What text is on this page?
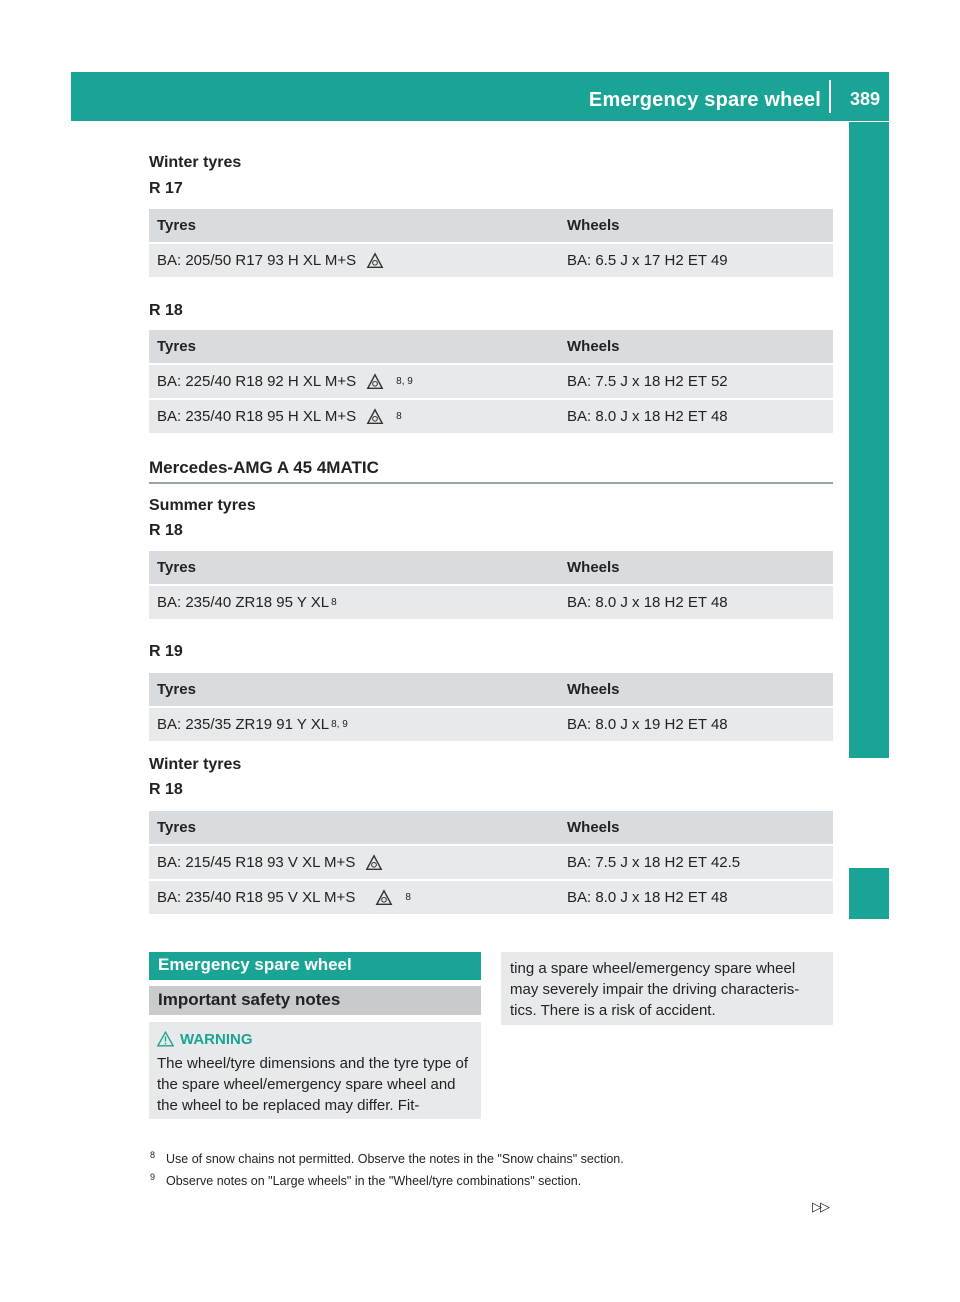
Emergency spare wheel 389
Wheels and tyres
Winter tyres
R 17
Tyres	Wheels

BA: 205/50 R17 93 H XL M+S	BA: 6.5 J x 17 H2 ET 49
R 18
Tyres	Wheels

BA: 225/40 R18 92 H XL M+S 8, 9	BA: 7.5 J x 18 H2 ET 52

BA: 235/40 R18 95 H XL M+S 8	BA: 8.0 J x 18 H2 ET 48
Mercedes-AMG A 45 4MATIC
Summer tyres
R 18
Tyres	Wheels

BA: 235/40 ZR18 95 Y XL 8	BA: 8.0 J x 18 H2 ET 48
R 19
Tyres	Wheels

BA: 235/35 ZR19 91 Y XL 8, 9	BA: 8.0 J x 19 H2 ET 48
Winter tyres
R 18
Tyres	Wheels

BA: 215/45 R18 93 V XL M+S	BA: 7.5 J x 18 H2 ET 42.5

BA: 235/40 R18 95 V XL M+S 8	BA: 8.0 J x 18 H2 ET 48
Emergency spare wheel
Important safety notes
WARNING
The wheel/tyre dimensions and the tyre type of the spare wheel/emergency spare wheel and the wheel to be replaced may differ. Fit-
ting a spare wheel/emergency spare wheel may severely impair the driving characteris-tics. There is a risk of accident.
8 Use of snow chains not permitted. Observe the notes in the "Snow chains" section.
9 Observe notes on "Large wheels" in the "Wheel/tyre combinations" section.
▷▷
